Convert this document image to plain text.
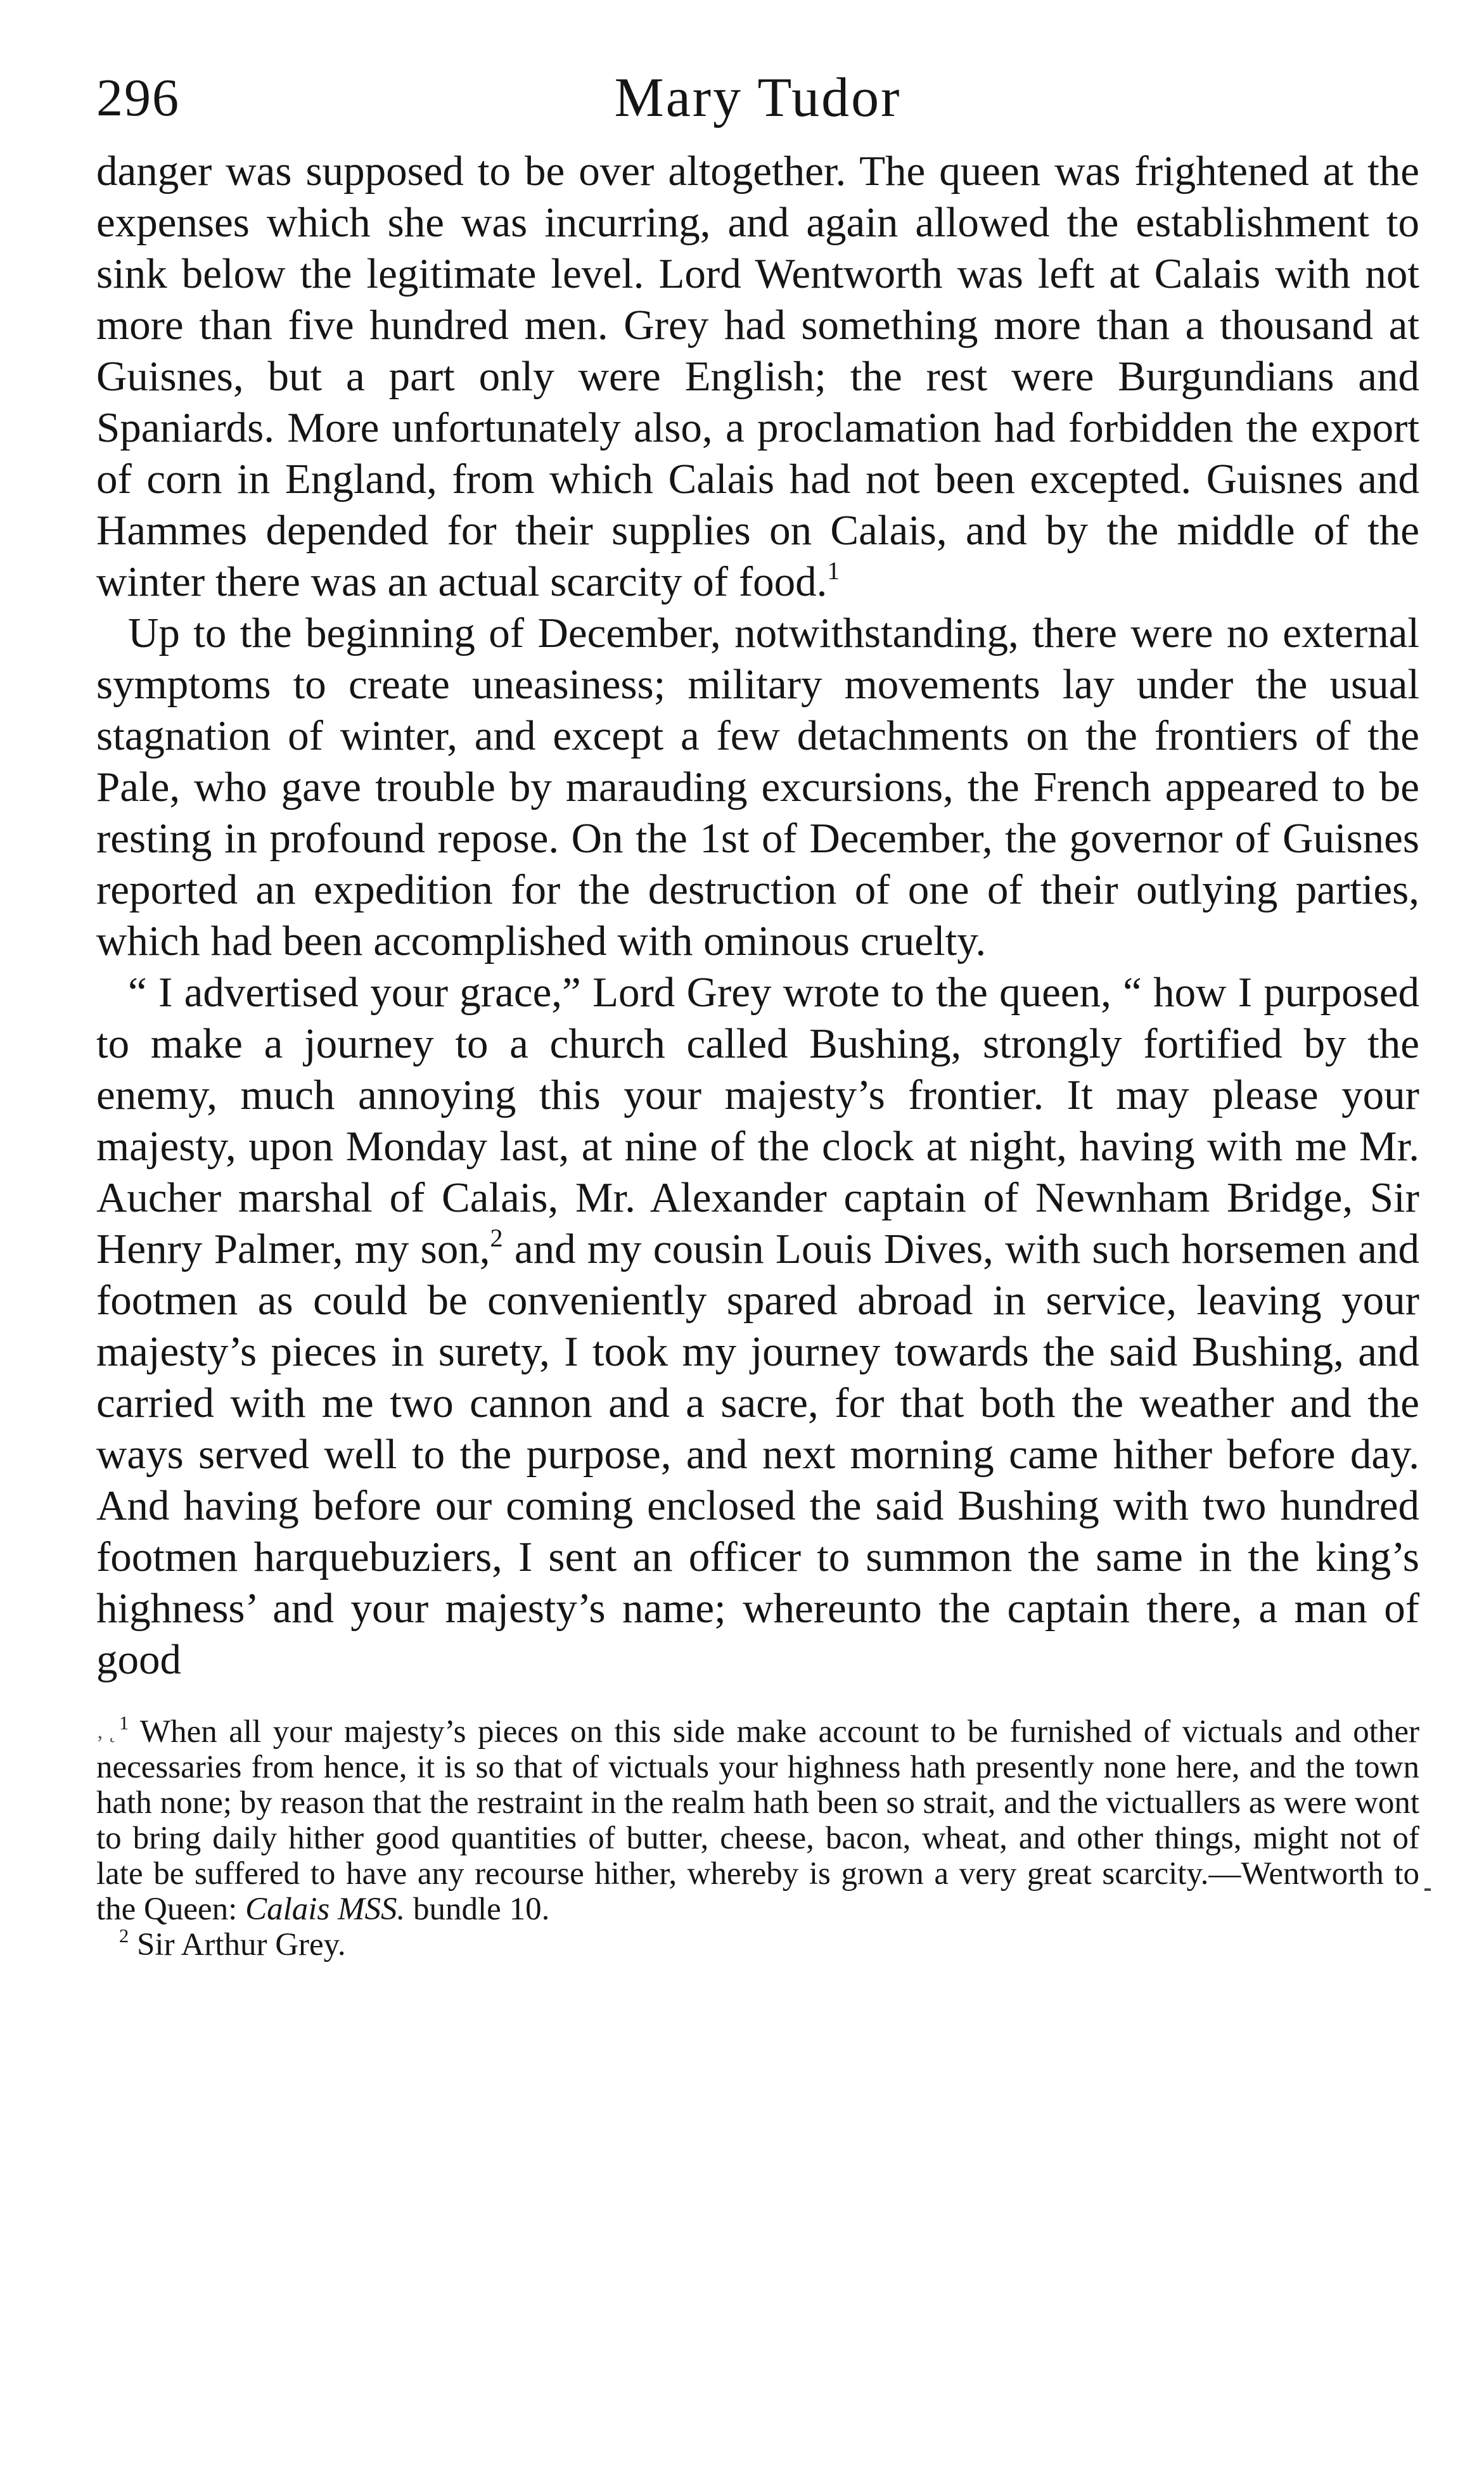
296	Mary Tudor

danger was supposed to be over altogether. The queen was frightened at the expenses which she was incurring, and again allowed the establishment to sink below the legitimate level. Lord Wentworth was left at Calais with not more than five hundred men. Grey had something more than a thousand at Guisnes, but a part only were English; the rest were Burgundians and Spaniards. More unfortunately also, a proclamation had forbidden the export of corn in England, from which Calais had not been excepted. Guisnes and Hammes depended for their supplies on Calais, and by the middle of the winter there was an actual scarcity of food.$^1$

Up to the beginning of December, notwithstanding, there were no external symptoms to create uneasiness; military movements lay under the usual stagnation of winter, and except a few detachments on the frontiers of the Pale, who gave trouble by marauding excursions, the French appeared to be resting in profound repose. On the 1st of December, the governor of Guisnes reported an expedition for the destruction of one of their outlying parties, which had been accomplished with ominous cruelty.

“ I advertised your grace,” Lord Grey wrote to the queen, “ how I purposed to make a journey to a church called Bushing, strongly fortified by the enemy, much annoying this your majesty’s frontier. It may please your majesty, upon Monday last, at nine of the clock at night, having with me Mr. Aucher marshal of Calais, Mr. Alexander captain of Newnham Bridge, Sir Henry Palmer, my son,$^2$ and my cousin Louis Dives, with such horsemen and footmen as could be conveniently spared abroad in service, leaving your majesty’s pieces in surety, I took my journey towards the said Bushing, and carried with me two cannon and a sacre, for that both the weather and the ways served well to the purpose, and next morning came hither before day. And having before our coming enclosed the said Bushing with two hundred footmen harquebuziers, I sent an officer to summon the same in the king’s highness’ and your majesty’s name; whereunto the captain there, a man of good

‚ ˛ $^1$ When all your majesty’s pieces on this side make account to be furnished of victuals and other necessaries from hence, it is so that of victuals your highness hath presently none here, and the town hath none; by reason that the restraint in the realm hath been so strait, and the victuallers as were wont to bring daily hither good quantities of butter, cheese, bacon, wheat, and other things, might not of late be suffered to have any recourse hither, whereby is grown a very great scarcity.—Wentworth to the Queen: Calais MSS. bundle 10.

$^2$ Sir Arthur Grey.
